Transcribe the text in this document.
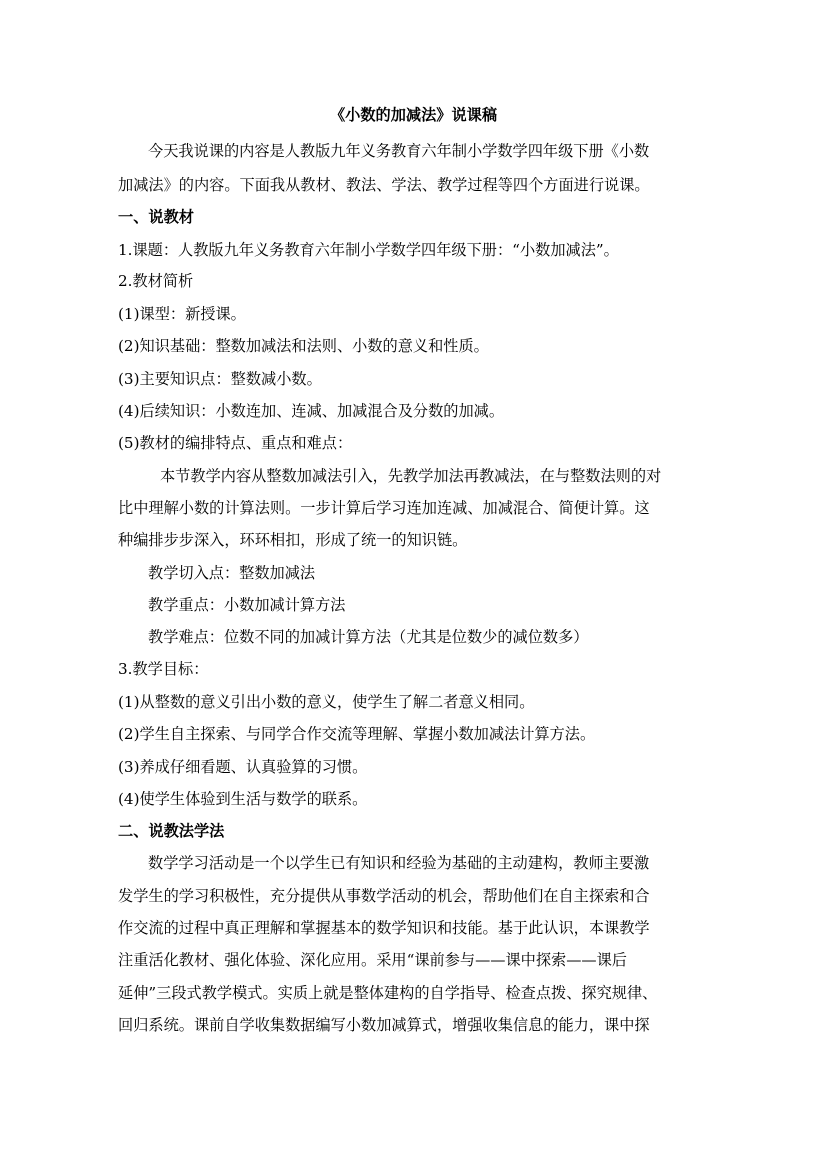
《小数的加减法》说课稿
今天我说课的内容是人教版九年义务教育六年制小学数学四年级下册《小数
加减法》的内容。下面我从教材、教法、学法、教学过程等四个方面进行说课。
一、说教材
1.课题：人教版九年义务教育六年制小学数学四年级下册：“小数加减法”。
2.教材简析
(1)课型：新授课。
(2)知识基础：整数加减法和法则、小数的意义和性质。
(3)主要知识点：整数减小数。
(4)后续知识：小数连加、连减、加减混合及分数的加减。
(5)教材的编排特点、重点和难点：
本节教学内容从整数加减法引入，先教学加法再教减法，在与整数法则的对
比中理解小数的计算法则。一步计算后学习连加连减、加减混合、简便计算。这
种编排步步深入，环环相扣，形成了统一的知识链。
教学切入点：整数加减法
教学重点：小数加减计算方法
教学难点：位数不同的加减计算方法（尤其是位数少的减位数多）
3.教学目标：
(1)从整数的意义引出小数的意义，使学生了解二者意义相同。
(2)学生自主探索、与同学合作交流等理解、掌握小数加减法计算方法。
(3)养成仔细看题、认真验算的习惯。
(4)使学生体验到生活与数学的联系。
二、说教法学法
数学学习活动是一个以学生已有知识和经验为基础的主动建构，教师主要激
发学生的学习积极性，充分提供从事数学活动的机会，帮助他们在自主探索和合
作交流的过程中真正理解和掌握基本的数学知识和技能。基于此认识，本课教学
注重活化教材、强化体验、深化应用。采用“课前参与——课中探索——课后
延伸”三段式教学模式。实质上就是整体建构的自学指导、检查点拨、探究规律、
回归系统。课前自学收集数据编写小数加减算式，增强收集信息的能力，课中探
